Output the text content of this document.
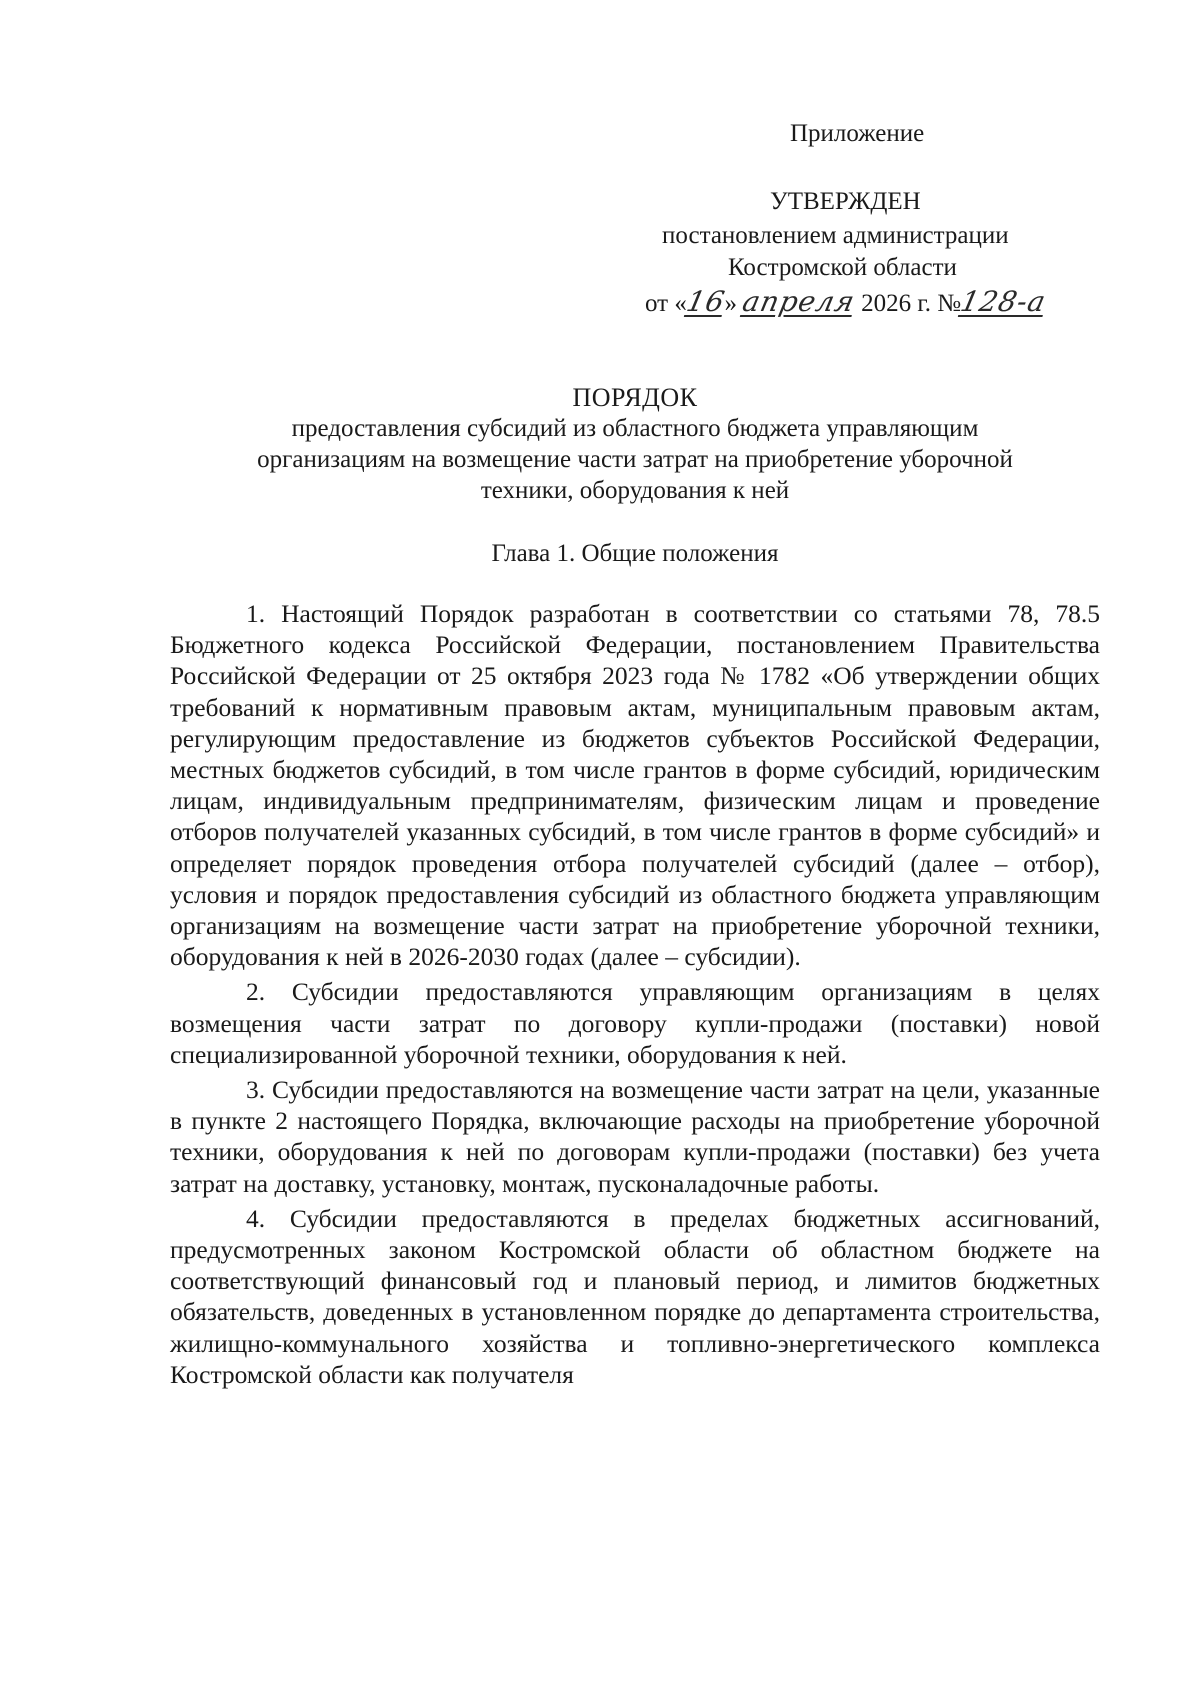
Приложение
УТВЕРЖДЕН
постановлением администрации
Костромской области
от «16» апреля 2026 г. №128-а
ПОРЯДОК
предоставления субсидий из областного бюджета управляющим
организациям на возмещение части затрат на приобретение уборочной
техники, оборудования к ней
Глава 1. Общие положения

1. Настоящий Порядок разработан в соответствии со статьями 78, 78.5 Бюджетного кодекса Российской Федерации, постановлением Правительства Российской Федерации от 25 октября 2023 года № 1782 «Об утверждении общих требований к нормативным правовым актам, муниципальным правовым актам, регулирующим предоставление из бюджетов субъектов Российской Федерации, местных бюджетов субсидий, в том числе грантов в форме субсидий, юридическим лицам, индивидуальным предпринимателям, физическим лицам и проведение отборов получателей указанных субсидий, в том числе грантов в форме субсидий» и определяет порядок проведения отбора получателей субсидий (далее – отбор), условия и порядок предоставления субсидий из областного бюджета управляющим организациям на возмещение части затрат на приобретение уборочной техники, оборудования к ней в 2026-2030 годах (далее – субсидии).

2. Субсидии предоставляются управляющим организациям в целях возмещения части затрат по договору купли-продажи (поставки) новой специализированной уборочной техники, оборудования к ней.

3. Субсидии предоставляются на возмещение части затрат на цели, указанные в пункте 2 настоящего Порядка, включающие расходы на приобретение уборочной техники, оборудования к ней по договорам купли-продажи (поставки) без учета затрат на доставку, установку, монтаж, пусконаладочные работы.

4. Субсидии предоставляются в пределах бюджетных ассигнований, предусмотренных законом Костромской области об областном бюджете на соответствующий финансовый год и плановый период, и лимитов бюджетных обязательств, доведенных в установленном порядке до департамента строительства, жилищно-коммунального хозяйства и топливно-энергетического комплекса Костромской области как получателя
